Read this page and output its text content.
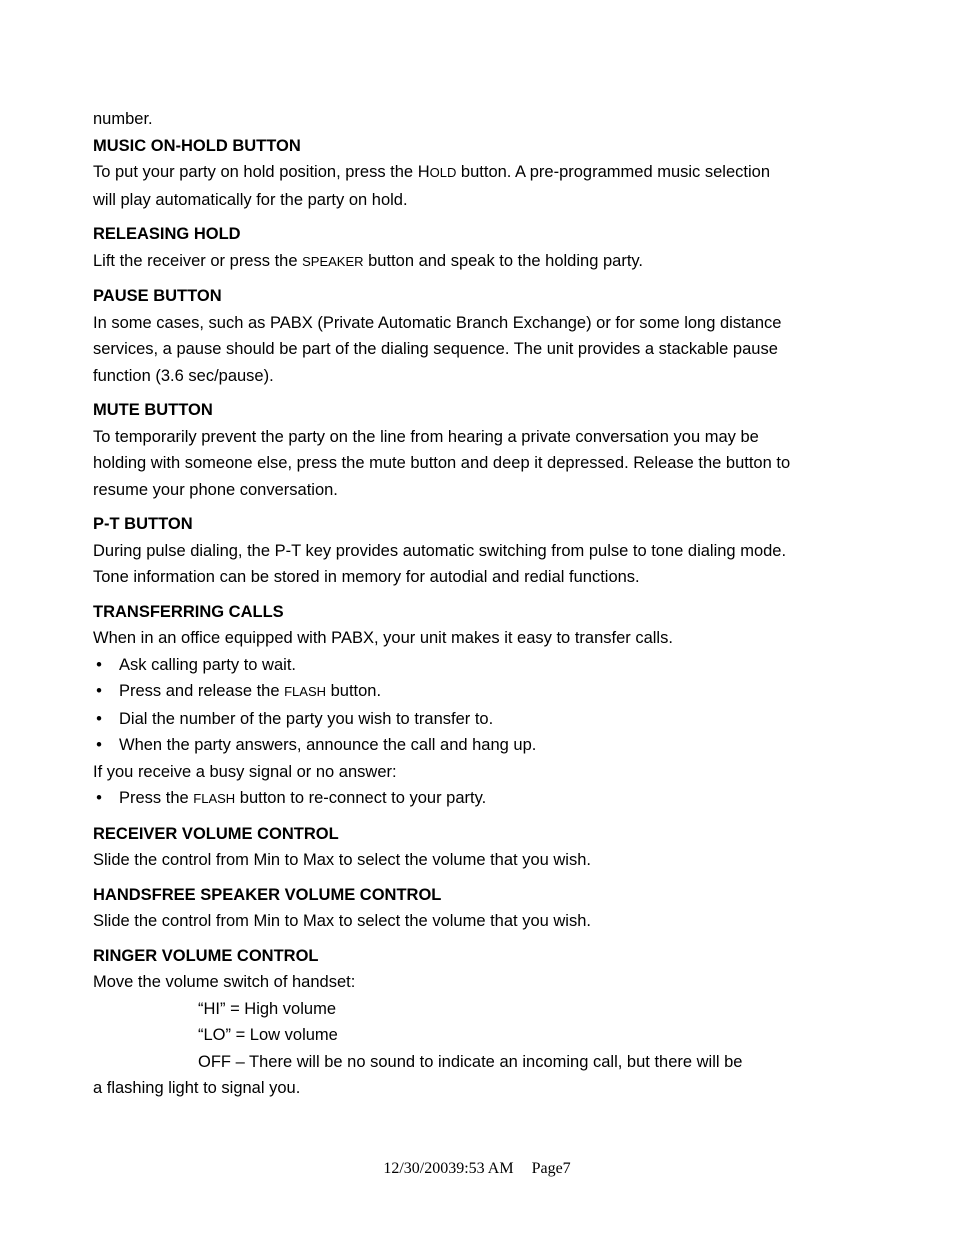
number.

MUSIC ON-HOLD BUTTON

To put your party on hold position, press the HOLD button. A pre-programmed music selection will play automatically for the party on hold.

RELEASING HOLD

Lift the receiver or press the SPEAKER button and speak to the holding party.

PAUSE BUTTON

In some cases, such as PABX (Private Automatic Branch Exchange) or for some long distance services, a pause should be part of the dialing sequence. The unit provides a stackable pause function (3.6 sec/pause).

MUTE BUTTON

To temporarily prevent the party on the line from hearing a private conversation you may be holding with someone else, press the mute button and deep it depressed. Release the button to resume your phone conversation.

P-T BUTTON

During pulse dialing, the P-T key provides automatic switching from pulse to tone dialing mode. Tone information can be stored in memory for autodial and redial functions.

TRANSFERRING CALLS

When in an office equipped with PABX, your unit makes it easy to transfer calls.

• Ask calling party to wait.
• Press and release the FLASH button.
• Dial the number of the party you wish to transfer to.
• When the party answers, announce the call and hang up.

If you receive a busy signal or no answer:

• Press the FLASH button to re-connect to your party.
RECEIVER VOLUME CONTROL

Slide the control from Min to Max to select the volume that you wish.

HANDSFREE SPEAKER VOLUME CONTROL

Slide the control from Min to Max to select the volume that you wish.

RINGER VOLUME CONTROL

Move the volume switch of handset:

“HI” = High volume

“LO” = Low volume

OFF – There will be no sound to indicate an incoming call, but there will be

a flashing light to signal you.

12/30/20039:53 AM Page7
